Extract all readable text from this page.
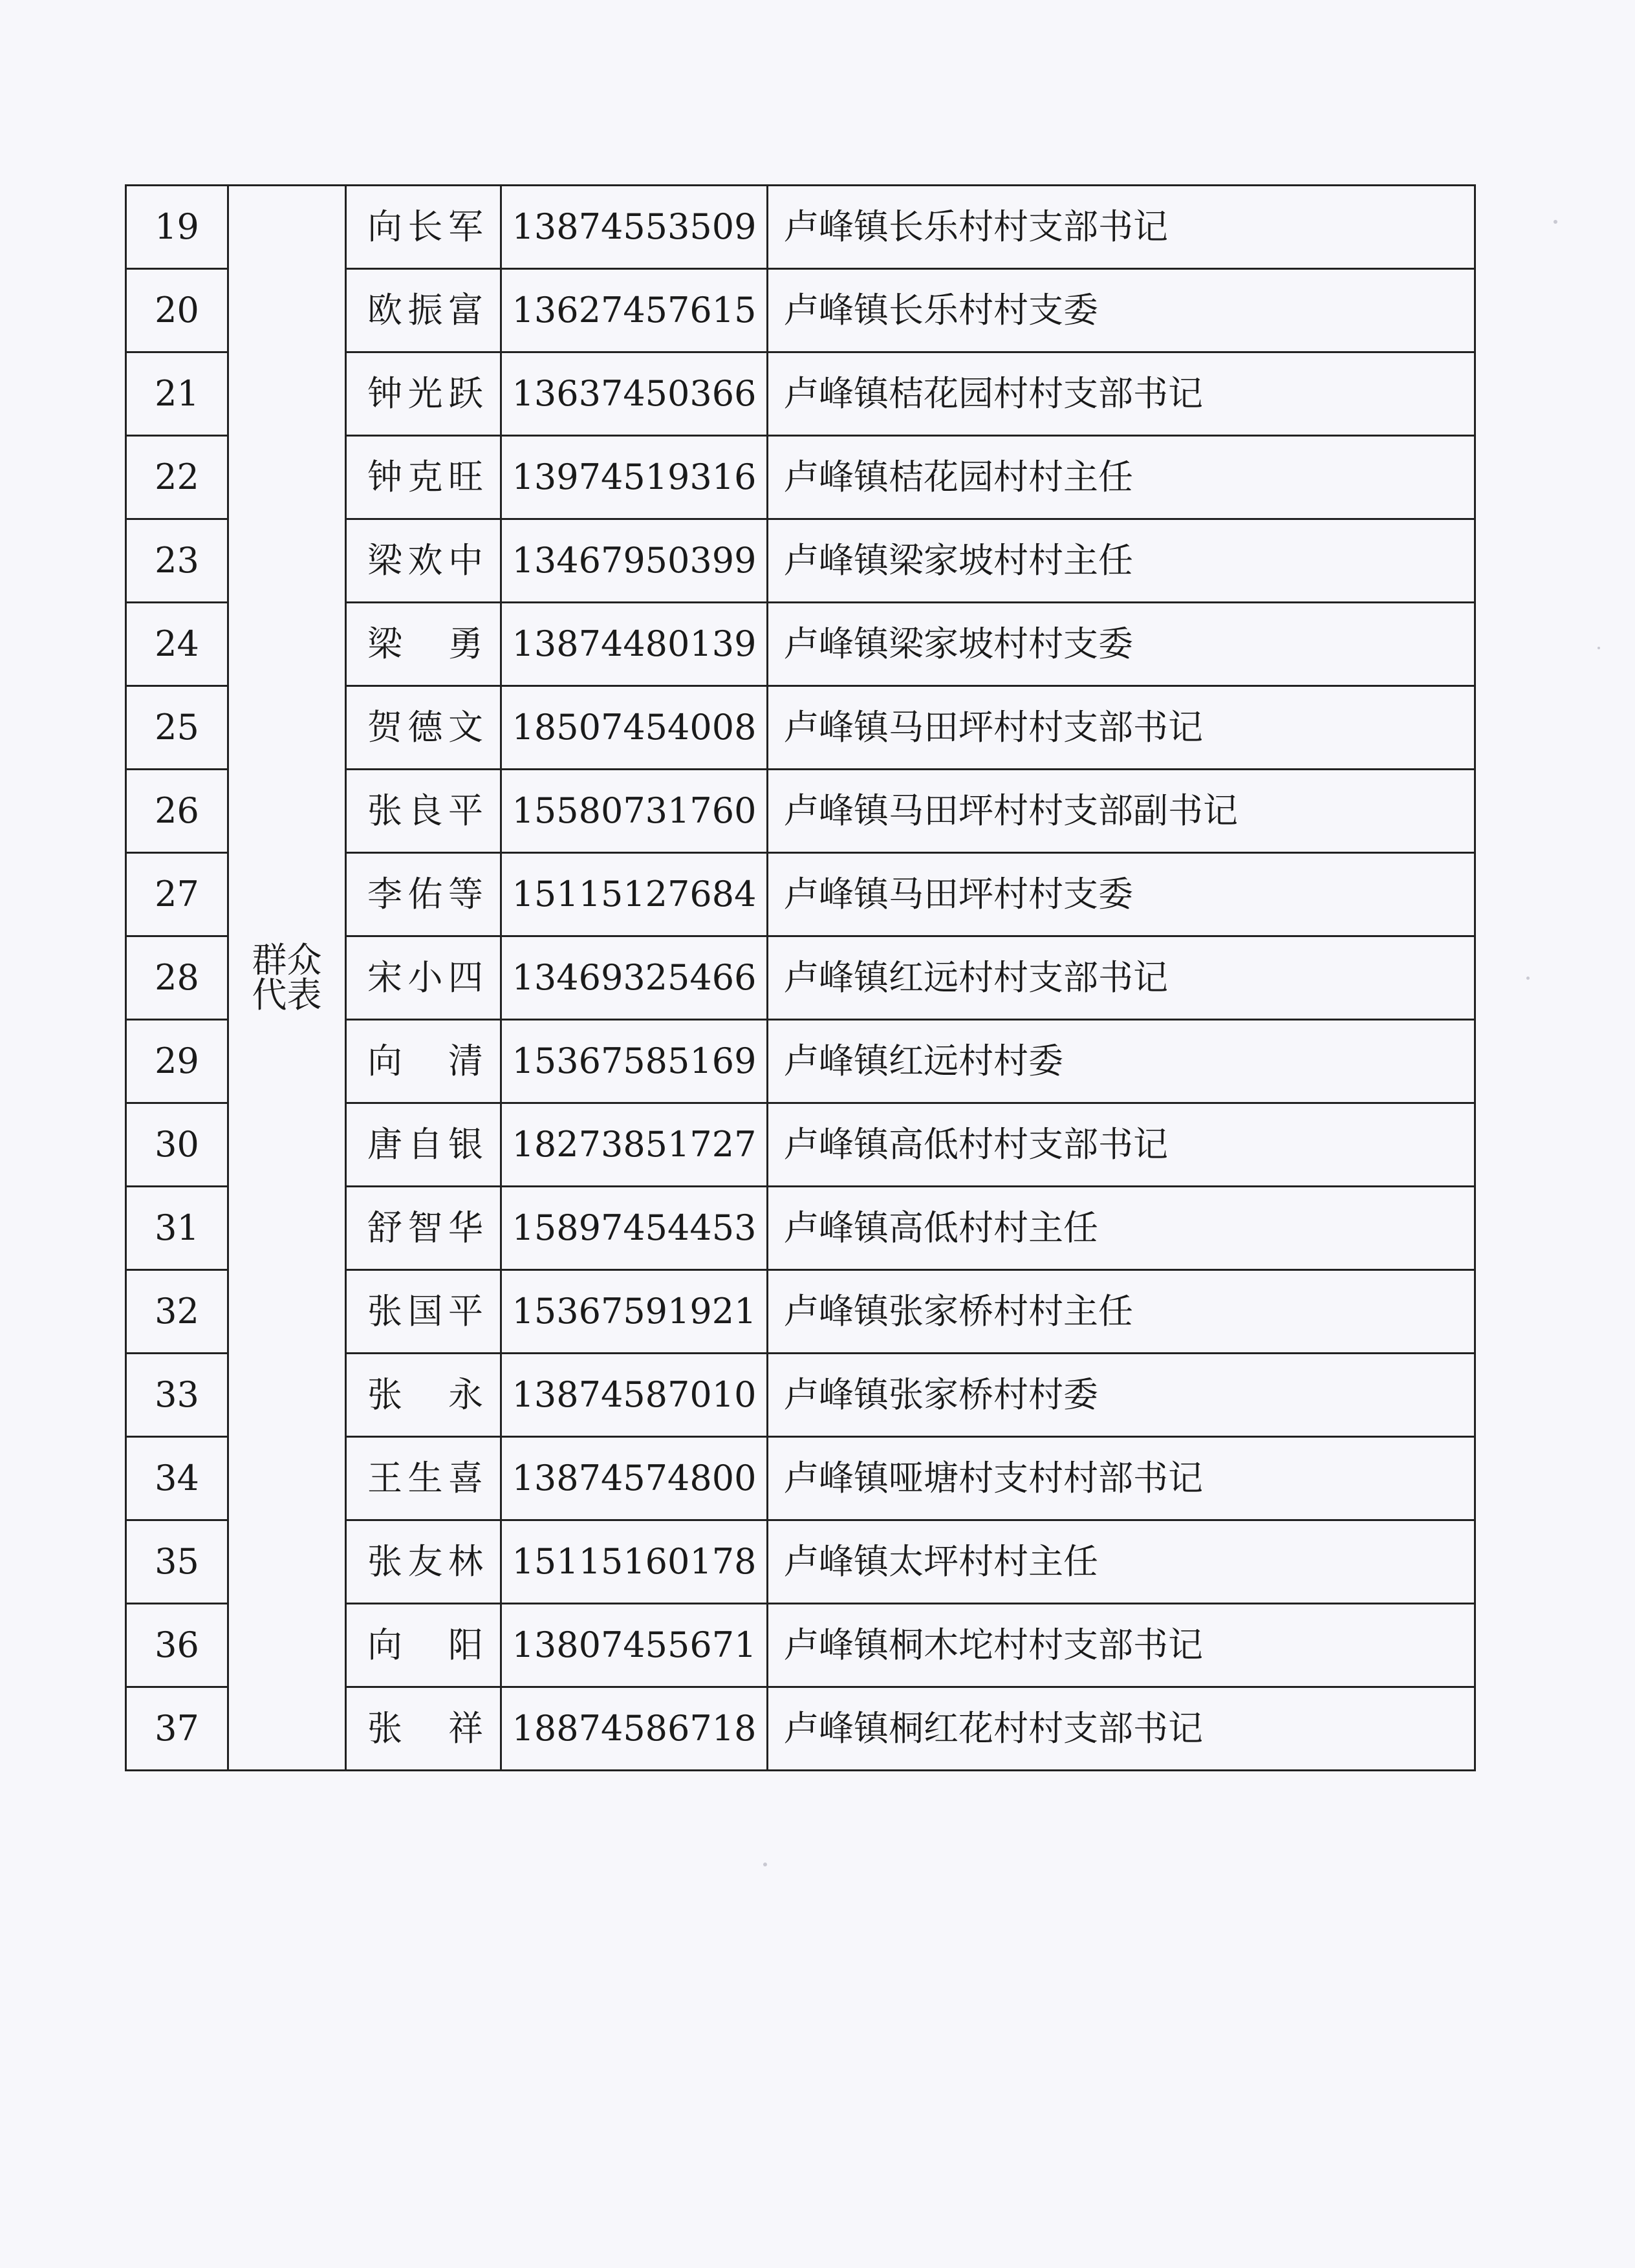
19	群众代表	向长军	13874553509	卢峰镇长乐村村支部书记
20		欧振富	13627457615	卢峰镇长乐村村支委
21		钟光跃	13637450366	卢峰镇桔花园村村支部书记
22		钟克旺	13974519316	卢峰镇桔花园村村主任
23		梁欢中	13467950399	卢峰镇梁家坡村村主任
24		梁 勇	13874480139	卢峰镇梁家坡村村支委
25		贺德文	18507454008	卢峰镇马田坪村村支部书记
26		张良平	15580731760	卢峰镇马田坪村村支部副书记
27		李佑等	15115127684	卢峰镇马田坪村村支委
28		宋小四	13469325466	卢峰镇红远村村支部书记
29		向 清	15367585169	卢峰镇红远村村委
30		唐自银	18273851727	卢峰镇高低村村支部书记
31		舒智华	15897454453	卢峰镇高低村村主任
32		张国平	15367591921	卢峰镇张家桥村村主任
33		张 永	13874587010	卢峰镇张家桥村村委
34		王生喜	13874574800	卢峰镇哑塘村支村村部书记
35		张友林	15115160178	卢峰镇太坪村村主任
36		向 阳	13807455671	卢峰镇桐木坨村村支部书记
37		张 祥	18874586718	卢峰镇桐红花村村支部书记
